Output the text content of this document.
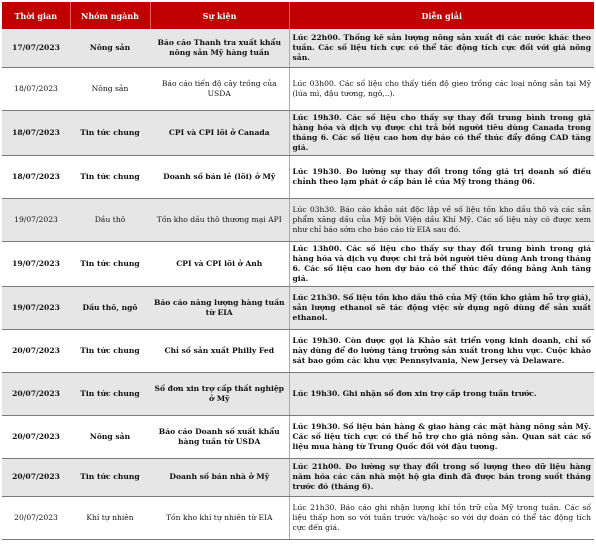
Thời gian	Nhóm ngành	Sự kiện	Diễn giải
17/07/2023	Nông sản	Báo cáo Thanh tra xuất khẩu nông sản Mỹ hàng tuần	Lúc 22h00. Thống kê sản lượng nông sản xuất đi các nước khác theo tuần. Các số liệu tích cực có thể tác động tích cực đối với giá nông sản.
18/07/2023	Nông sản	Báo cáo tiến độ cây trồng của USDA	Lúc 03h00. Các số liệu cho thấy tiến độ gieo trồng các loại nông sản tại Mỹ (lúa mì, đậu tương, ngô,..).
18/07/2023	Tin tức chung	CPI và CPI lõi ở Canada	Lúc 19h30. Các số liệu cho thấy sự thay đổi trung bình trong giá hàng hóa và dịch vụ được chi trả bởi người tiêu dùng Canada trong tháng 6. Các số liệu cao hơn dự báo có thể thúc đẩy đồng CAD tăng giá.
18/07/2023	Tin tức chung	Doanh số bán lẻ (lõi) ở Mỹ	Lúc 19h30. Đo lường sự thay đổi trong tổng giá trị doanh số điều chỉnh theo lạm phát ở cấp bán lẻ của Mỹ trong tháng 06.
19/07/2023	Dầu thô	Tồn kho dầu thô thương mại API	Lúc 03h30. Báo cáo khảo sát độc lập về số liệu tồn kho dầu thô và các sản phẩm xăng dầu của Mỹ bởi Viện dầu Khí Mỹ. Các số liệu này có được xem như chỉ báo sớm cho báo cáo từ EIA sau đó.
19/07/2023	Tin tức chung	CPI và CPI lõi ở Anh	Lúc 13h00. Các số liệu cho thấy sự thay đổi trung bình trong giá hàng hóa và dịch vụ được chi trả bởi người tiêu dùng Anh trong tháng 6. Các số liệu cao hơn dự báo có thể thúc đẩy đồng bảng Anh tăng giá.
19/07/2023	Dầu thô, ngô	Báo cáo năng lượng hàng tuần từ EIA	Lúc 21h30. Số liệu tồn kho dầu thô của Mỹ (tồn kho giảm hỗ trợ giá), sản lượng ethanol sẽ tác động việc sử dụng ngô dùng để sản xuất ethanol.
20/07/2023	Tin tức chung	Chỉ số sản xuất Philly Fed	Lúc 19h30. Còn được gọi là Khảo sát triển vọng kinh doanh, chỉ số này dùng để đo lường tăng trưởng sản xuất trong khu vực. Cuộc khảo sát bao gồm các khu vực Pennsylvania, New Jersey và Delaware.
20/07/2023	Tin tức chung	Số đơn xin trợ cấp thất nghiệp ở Mỹ	Lúc 19h30. Ghi nhận số đơn xin trợ cấp trong tuần trước.
20/07/2023	Nông sản	Báo cáo Doanh số xuất khẩu hàng tuần từ USDA	Lúc 19h30. Số liệu bán hàng & giao hàng các mặt hàng nông sản Mỹ. Các số liệu tích cực có thể hỗ trợ cho giá nông sản. Quan sát các số liệu mua hàng từ Trung Quốc đối với đậu tương.
20/07/2023	Tin tức chung	Doanh số bán nhà ở Mỹ	Lúc 21h00. Đo lường sự thay đổi trong số lượng theo dữ liệu hàng năm hóa các căn nhà một hộ gia đình đã được bán trong suốt tháng trước đó (tháng 6).
20/07/2023	Khí tự nhiên	Tồn kho khí tự nhiên từ EIA	Lúc 21h30. Báo cáo ghi nhận lượng khí tồn trữ của Mỹ trong tuần. Các số liệu thấp hơn so với tuần trước và/hoặc so với dự đoán có thể tác động tích cực đến giá.
